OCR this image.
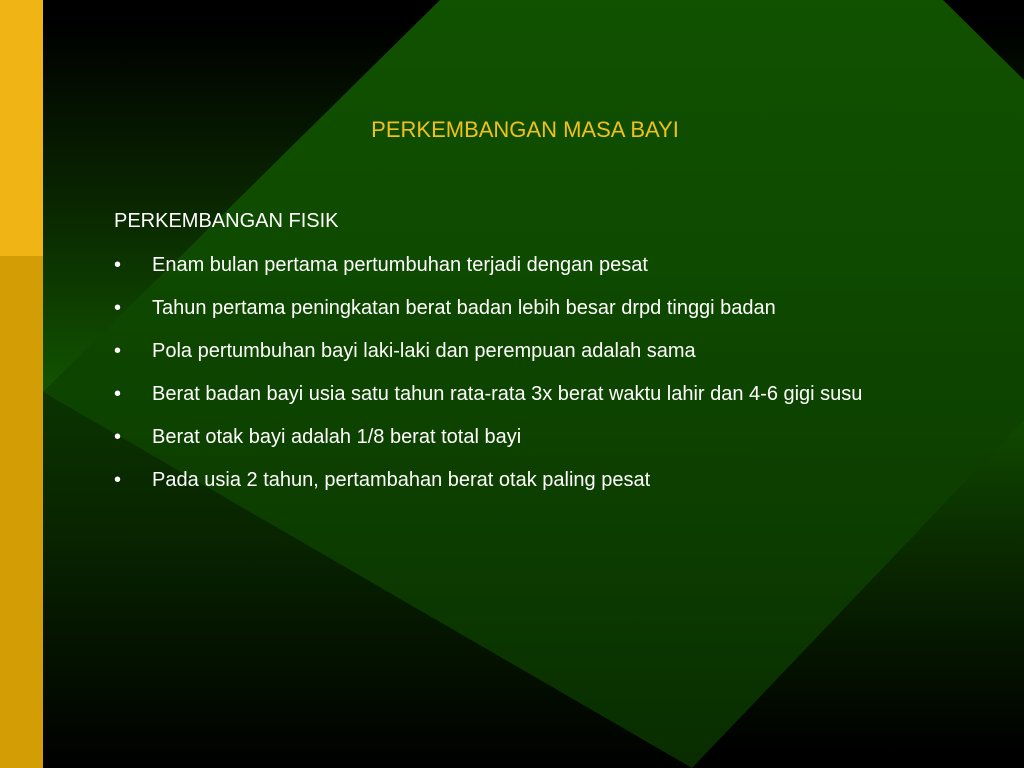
PERKEMBANGAN MASA BAYI
PERKEMBANGAN FISIK
• Enam bulan pertama pertumbuhan terjadi dengan pesat
• Tahun pertama peningkatan berat badan lebih besar drpd tinggi badan
• Pola pertumbuhan bayi laki-laki dan perempuan adalah sama
• Berat badan bayi usia satu tahun rata-rata 3x berat waktu lahir dan 4-6 gigi susu
• Berat otak bayi adalah 1/8 berat total bayi
• Pada usia 2 tahun, pertambahan berat otak paling pesat
